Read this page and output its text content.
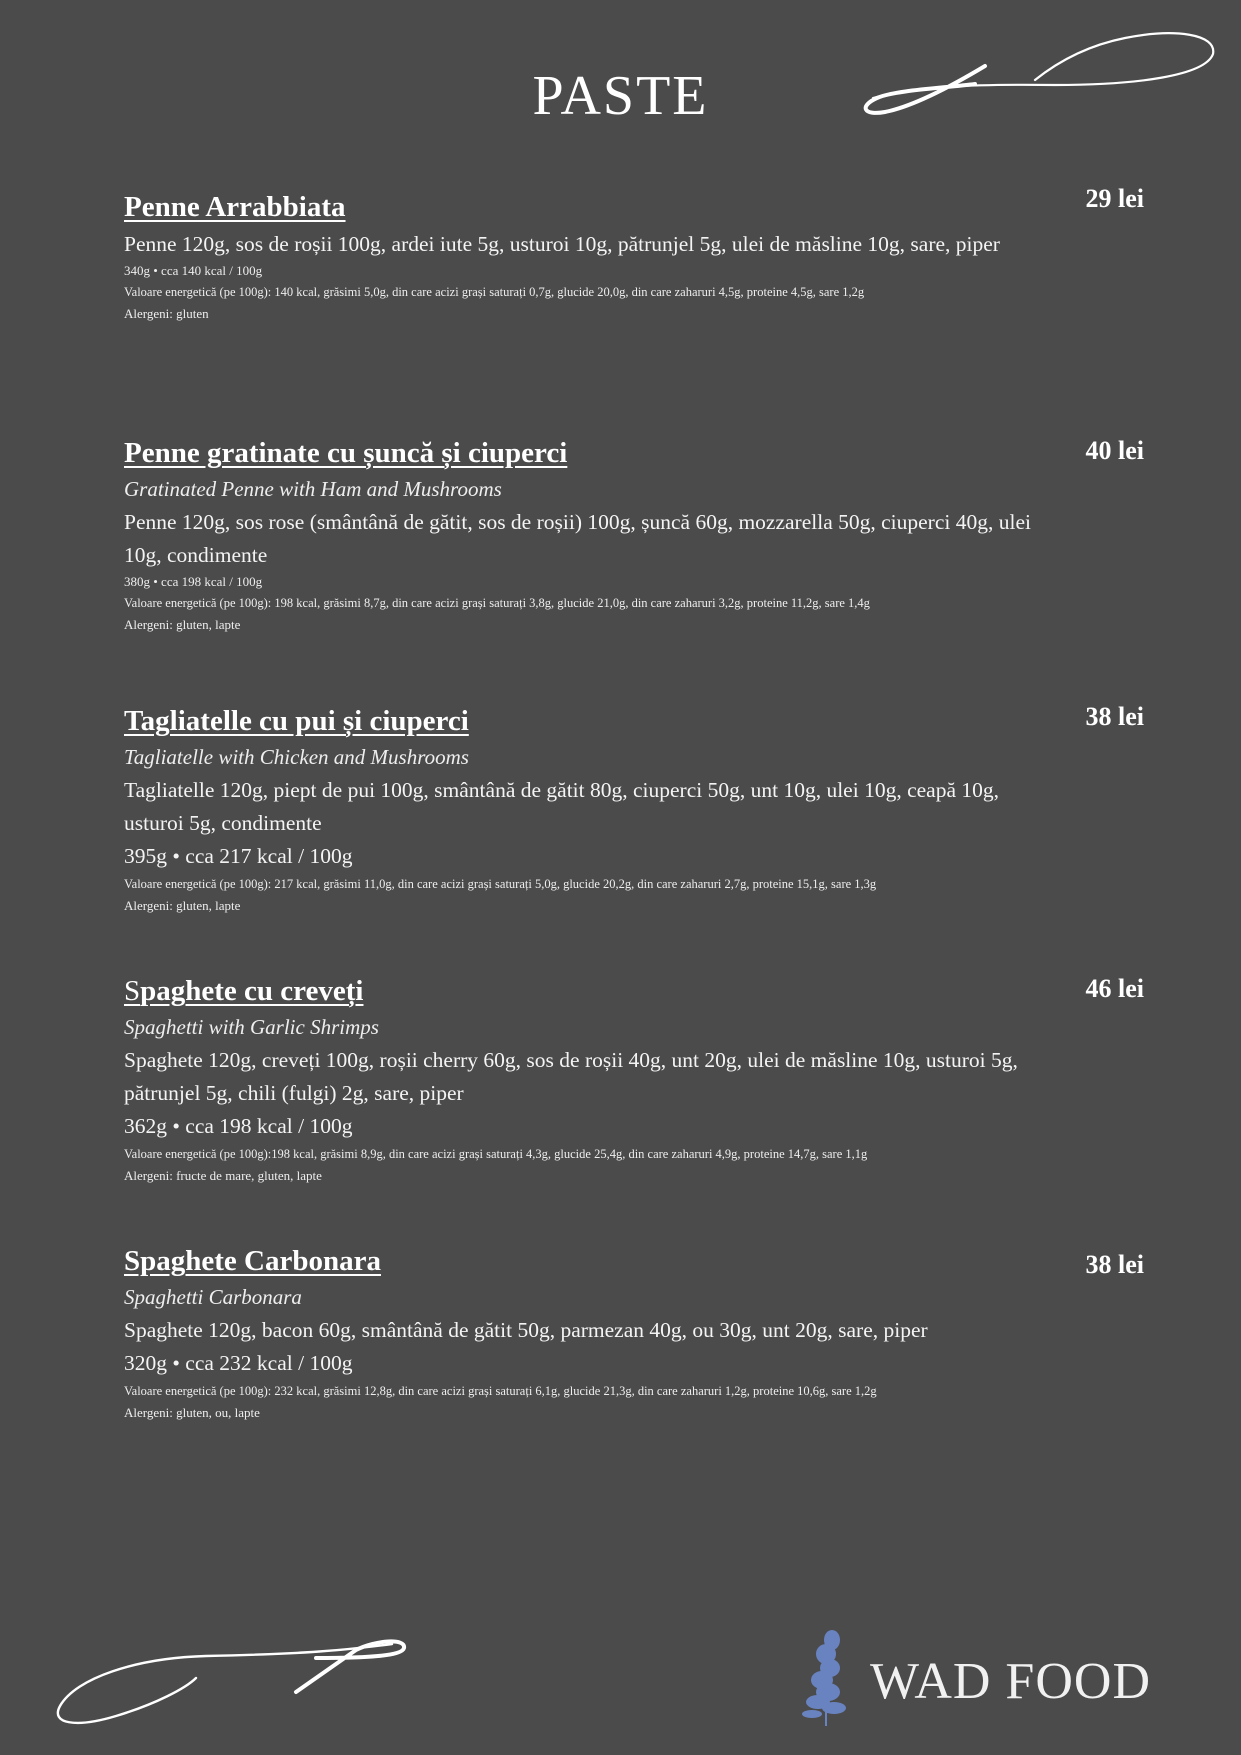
PASTE
Penne Arrabbiata	29 lei
Penne 120g, sos de roșii 100g, ardei iute 5g, usturoi 10g, pătrunjel 5g, ulei de măsline 10g, sare, piper
340g • cca 140 kcal / 100g
Valoare energetică (pe 100g): 140 kcal, grăsimi 5,0g, din care acizi grași saturați 0,7g, glucide 20,0g, din care zaharuri 4,5g, proteine 4,5g, sare 1,2g
Alergeni: gluten
Penne gratinate cu șuncă și ciuperci	40 lei
Gratinated Penne with Ham and Mushrooms
Penne 120g, sos rose (smântână de gătit, sos de roșii) 100g, șuncă 60g, mozzarella 50g, ciuperci 40g, ulei 10g, condimente
380g • cca 198 kcal / 100g
Valoare energetică (pe 100g): 198 kcal, grăsimi 8,7g, din care acizi grași saturați 3,8g, glucide 21,0g, din care zaharuri 3,2g, proteine 11,2g, sare 1,4g
Alergeni: gluten, lapte
Tagliatelle cu pui și ciuperci	38 lei
Tagliatelle with Chicken and Mushrooms
Tagliatelle 120g, piept de pui 100g, smântână de gătit 80g, ciuperci 50g, unt 10g, ulei 10g, ceapă 10g, usturoi 5g, condimente
395g • cca 217 kcal / 100g
Valoare energetică (pe 100g): 217 kcal, grăsimi 11,0g, din care acizi grași saturați 5,0g, glucide 20,2g, din care zaharuri 2,7g, proteine 15,1g, sare 1,3g
Alergeni: gluten, lapte
Spaghete cu creveți	46 lei
Spaghetti with Garlic Shrimps
Spaghete 120g, creveți 100g, roșii cherry 60g, sos de roșii 40g, unt 20g, ulei de măsline 10g, usturoi 5g, pătrunjel 5g, chili (fulgi) 2g, sare, piper
362g • cca 198 kcal / 100g
Valoare energetică (pe 100g):198 kcal, grăsimi 8,9g, din care acizi grași saturați 4,3g, glucide 25,4g, din care zaharuri 4,9g, proteine 14,7g, sare 1,1g
Alergeni: fructe de mare, gluten, lapte
Spaghete Carbonara	38 lei
Spaghetti Carbonara
Spaghete 120g, bacon 60g, smântână de gătit 50g, parmezan 40g, ou 30g, unt 20g, sare, piper
320g • cca 232 kcal / 100g
Valoare energetică (pe 100g): 232 kcal, grăsimi 12,8g, din care acizi grași saturați 6,1g, glucide 21,3g, din care zaharuri 1,2g, proteine 10,6g, sare 1,2g
Alergeni: gluten, ou, lapte
WAD FOOD
